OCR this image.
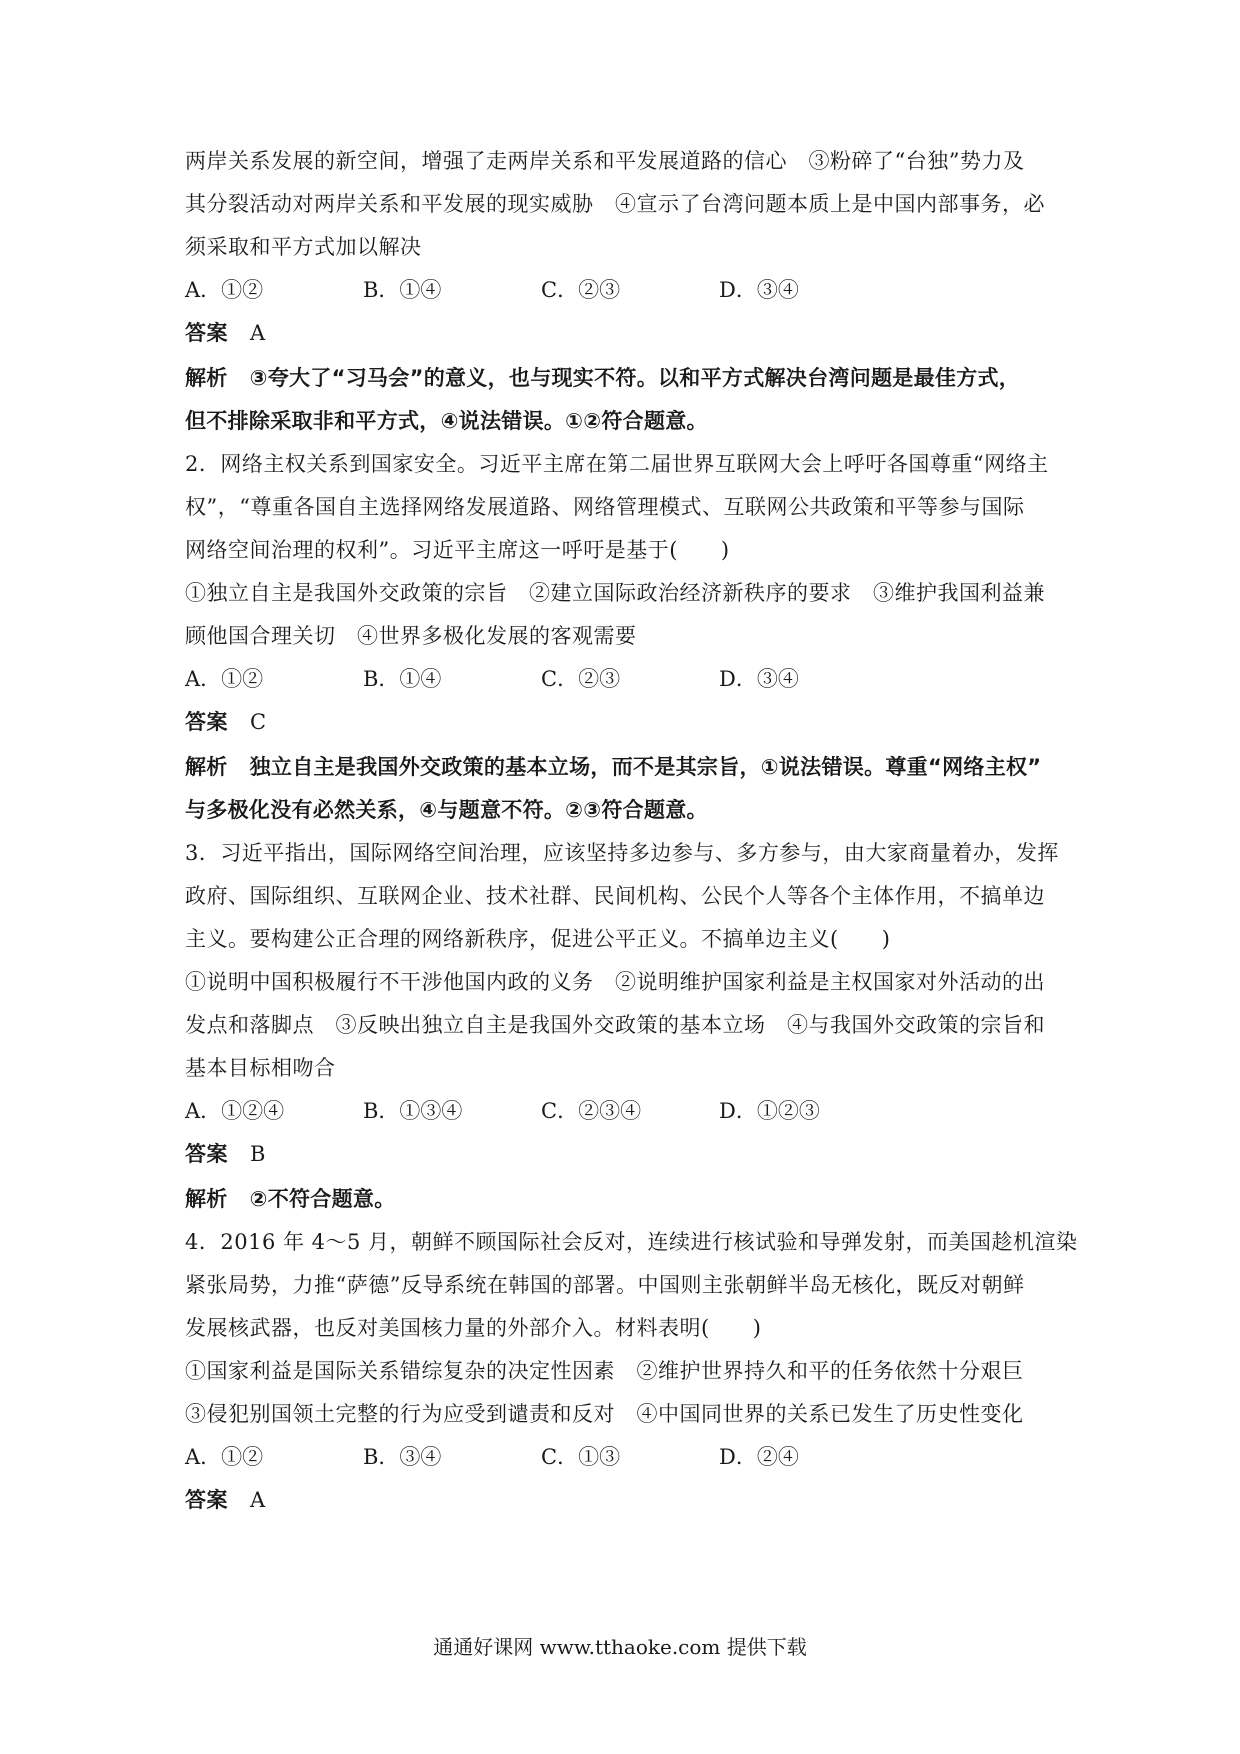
两岸关系发展的新空间，增强了走两岸关系和平发展道路的信心　③粉碎了“台独”势力及
其分裂活动对两岸关系和平发展的现实威胁　④宣示了台湾问题本质上是中国内部事务，必
须采取和平方式加以解决
A．①②	B．①④	C．②③	D．③④
答案 A
解析 ③夸大了“习马会”的意义，也与现实不符。以和平方式解决台湾问题是最佳方式，
但不排除采取非和平方式，④说法错误。①②符合题意。
2．网络主权关系到国家安全。习近平主席在第二届世界互联网大会上呼吁各国尊重“网络主
权”，“尊重各国自主选择网络发展道路、网络管理模式、互联网公共政策和平等参与国际
网络空间治理的权利”。习近平主席这一呼吁是基于(　　)
①独立自主是我国外交政策的宗旨　②建立国际政治经济新秩序的要求　③维护我国利益兼
顾他国合理关切　④世界多极化发展的客观需要
A．①②	B．①④	C．②③	D．③④
答案 C
解析 独立自主是我国外交政策的基本立场，而不是其宗旨，①说法错误。尊重“网络主权”
与多极化没有必然关系，④与题意不符。②③符合题意。
3．习近平指出，国际网络空间治理，应该坚持多边参与、多方参与，由大家商量着办，发挥
政府、国际组织、互联网企业、技术社群、民间机构、公民个人等各个主体作用，不搞单边
主义。要构建公正合理的网络新秩序，促进公平正义。不搞单边主义(　　)
①说明中国积极履行不干涉他国内政的义务　②说明维护国家利益是主权国家对外活动的出
发点和落脚点　③反映出独立自主是我国外交政策的基本立场　④与我国外交政策的宗旨和
基本目标相吻合
A．①②④	B．①③④	C．②③④	D．①②③
答案 B
解析 ②不符合题意。
4．2016 年 4～5 月，朝鲜不顾国际社会反对，连续进行核试验和导弹发射，而美国趁机渲染
紧张局势，力推“萨德”反导系统在韩国的部署。中国则主张朝鲜半岛无核化，既反对朝鲜
发展核武器，也反对美国核力量的外部介入。材料表明(　　)
①国家利益是国际关系错综复杂的决定性因素　②维护世界持久和平的任务依然十分艰巨
③侵犯别国领土完整的行为应受到谴责和反对　④中国同世界的关系已发生了历史性变化
A．①②	B．③④	C．①③	D．②④
答案 A
通通好课网 www.tthaoke.com 提供下载
